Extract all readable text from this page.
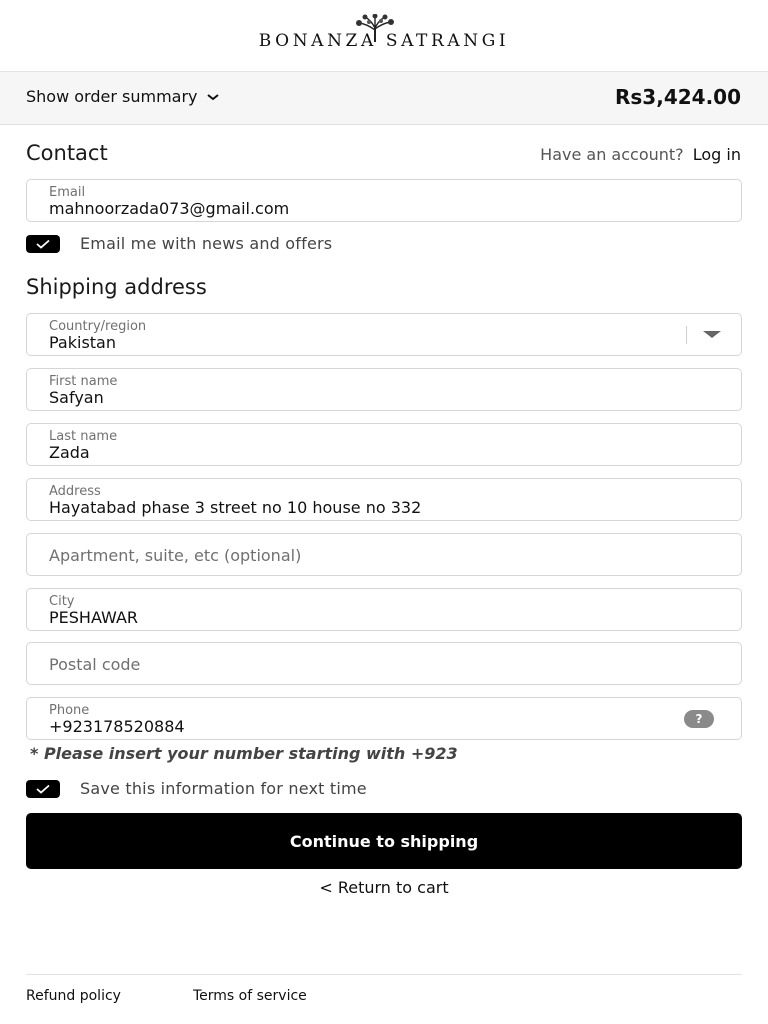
BONANZA SATRANGI
Show order summary	Rs3,424.00
Contact	Have an account? Log in
Email
mahnoorzada073@gmail.com
Email me with news and offers
Shipping address
Country/region
Pakistan
First name
Safyan
Last name
Zada
Address
Hayatabad phase 3 street no 10 house no 332
Apartment, suite, etc (optional)
City
PESHAWAR
Postal code
Phone
+923178520884	?
* Please insert your number starting with +923
Save this information for next time
Continue to shipping
< Return to cart
Refund policy	Terms of service
